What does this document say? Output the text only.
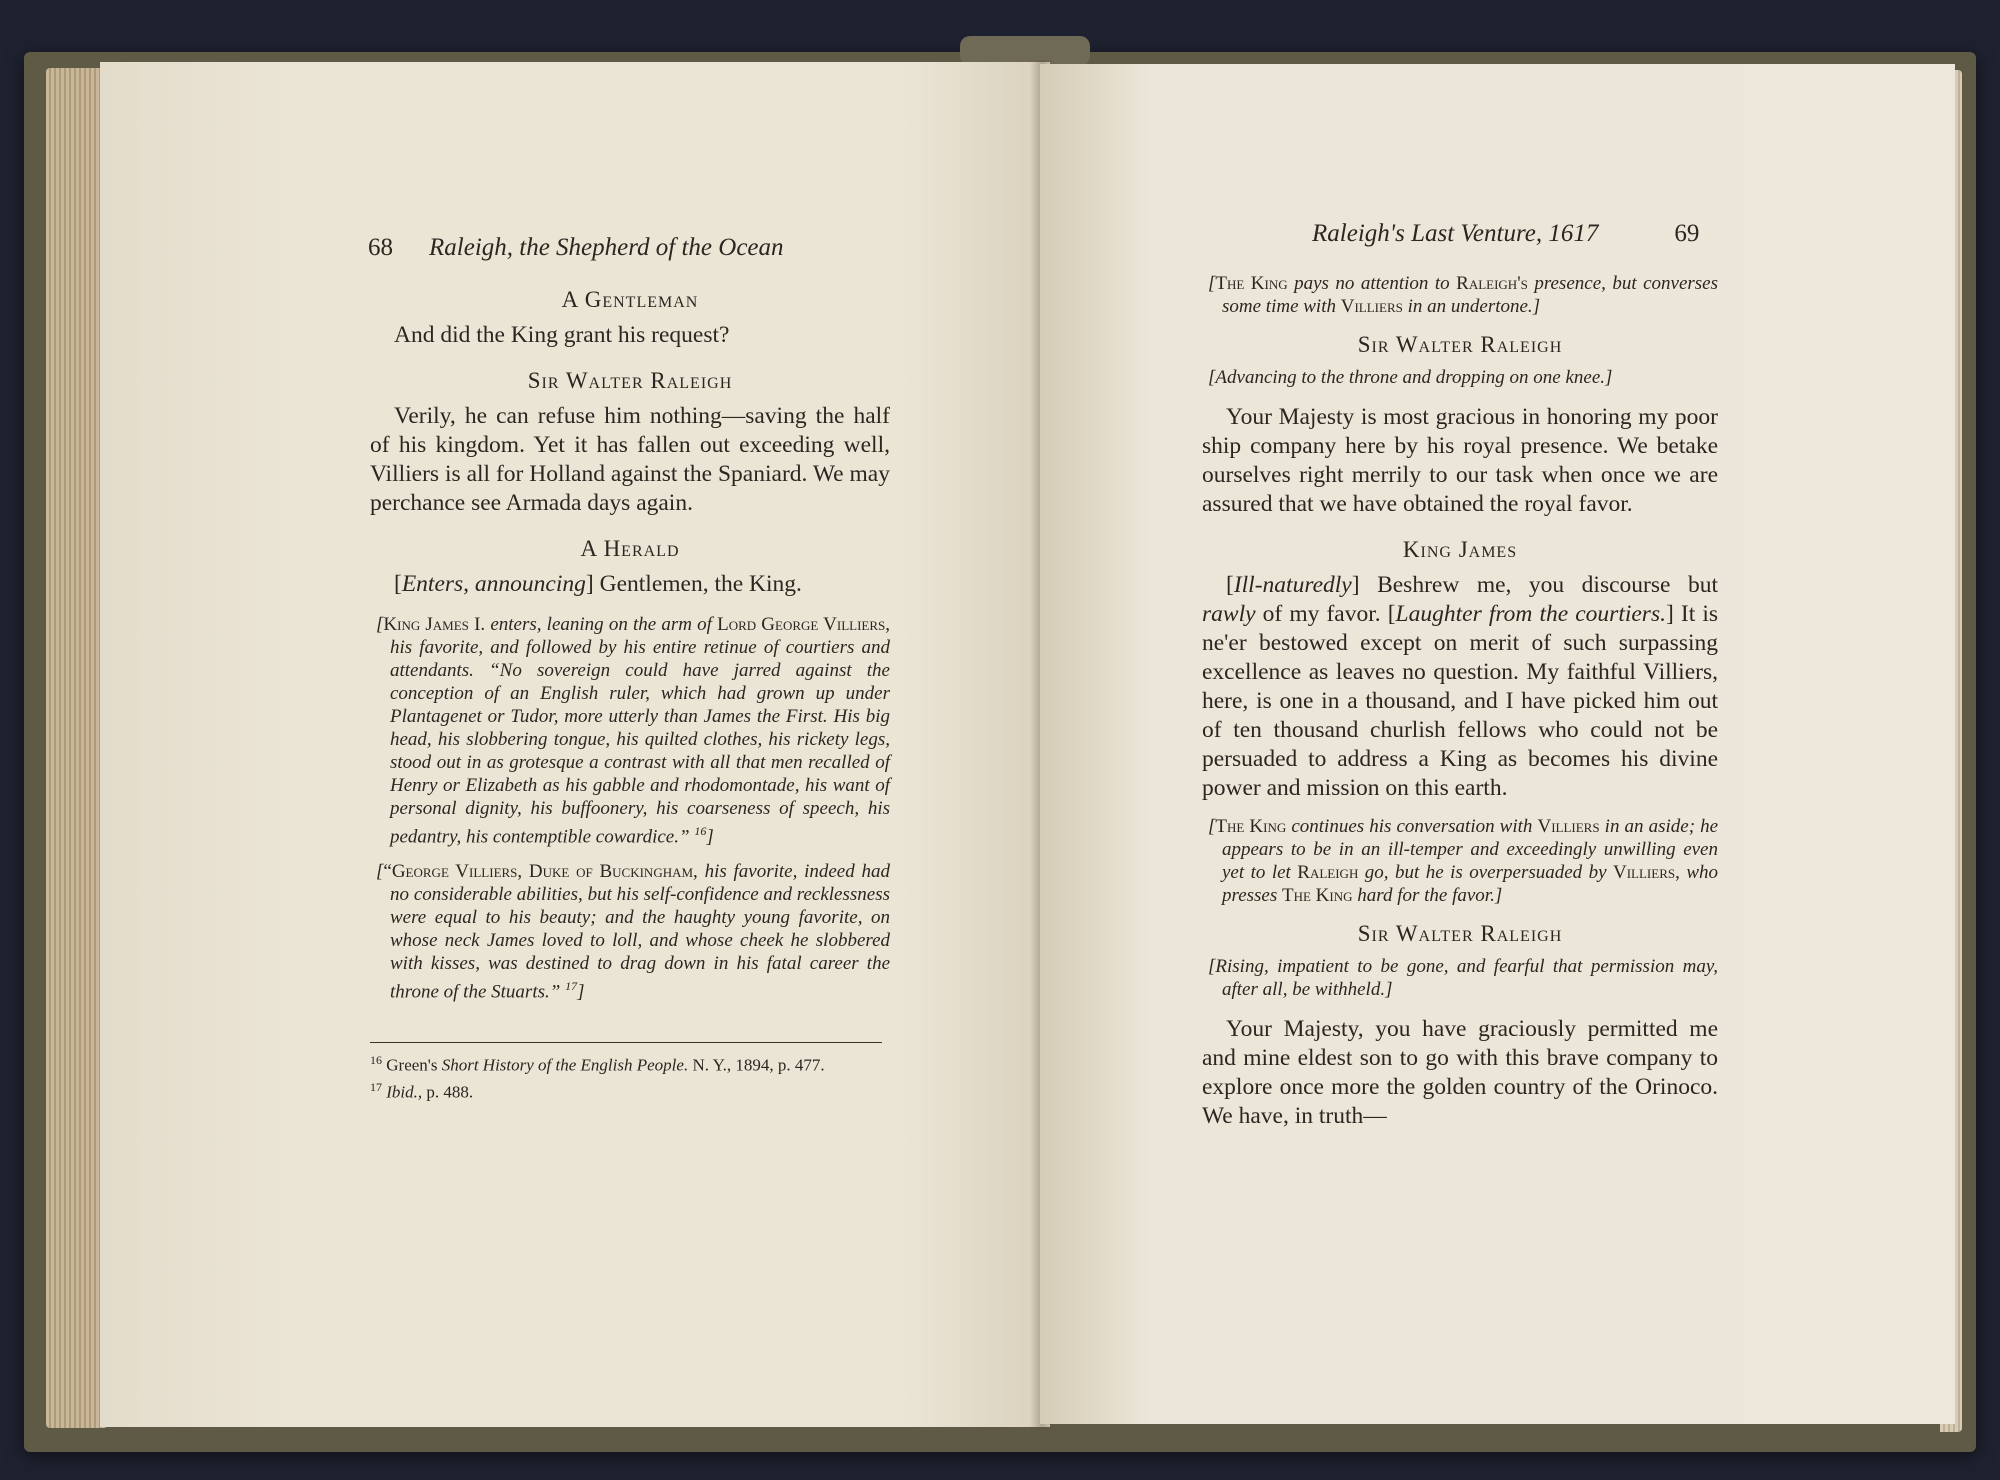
68 Raleigh, the Shepherd of the Ocean
A Gentleman
And did the King grant his request?
Sir Walter Raleigh
Verily, he can refuse him nothing—saving the half of his kingdom. Yet it has fallen out exceeding well, Villiers is all for Holland against the Spaniard. We may perchance see Armada days again.
A Herald
[Enters, announcing] Gentlemen, the King.
[King James I. enters, leaning on the arm of Lord George Villiers, his favorite, and followed by his entire retinue of courtiers and attendants. “No sovereign could have jarred against the conception of an English ruler, which had grown up under Plantagenet or Tudor, more utterly than James the First. His big head, his slobbering tongue, his quilted clothes, his rickety legs, stood out in as grotesque a contrast with all that men recalled of Henry or Elizabeth as his gabble and rhodomontade, his want of personal dignity, his buffoonery, his coarseness of speech, his pedantry, his contemptible cowardice.” $^{16}$]
[“George Villiers, Duke of Buckingham, his favorite, indeed had no considerable abilities, but his self-confidence and recklessness were equal to his beauty; and the haughty young favorite, on whose neck James loved to loll, and whose cheek he slobbered with kisses, was destined to drag down in his fatal career the throne of the Stuarts.” $^{17}$]
$^{16}$ Green's Short History of the English People. N. Y., 1894, p. 477.
$^{17}$ Ibid., p. 488.
Raleigh's Last Venture, 1617	69
[The King pays no attention to Raleigh's presence, but converses some time with Villiers in an undertone.]
Sir Walter Raleigh
[Advancing to the throne and dropping on one knee.]
Your Majesty is most gracious in honoring my poor ship company here by his royal presence. We betake ourselves right merrily to our task when once we are assured that we have obtained the royal favor.
King James
[Ill-naturedly] Beshrew me, you discourse but rawly of my favor. [Laughter from the courtiers.] It is ne'er bestowed except on merit of such surpassing excellence as leaves no question. My faithful Villiers, here, is one in a thousand, and I have picked him out of ten thousand churlish fellows who could not be persuaded to address a King as becomes his divine power and mission on this earth.
[The King continues his conversation with Villiers in an aside; he appears to be in an ill-temper and exceedingly unwilling even yet to let Raleigh go, but he is overpersuaded by Villiers, who presses The King hard for the favor.]
Sir Walter Raleigh
[Rising, impatient to be gone, and fearful that permission may, after all, be withheld.]
Your Majesty, you have graciously permitted me and mine eldest son to go with this brave company to explore once more the golden country of the Orinoco. We have, in truth—
